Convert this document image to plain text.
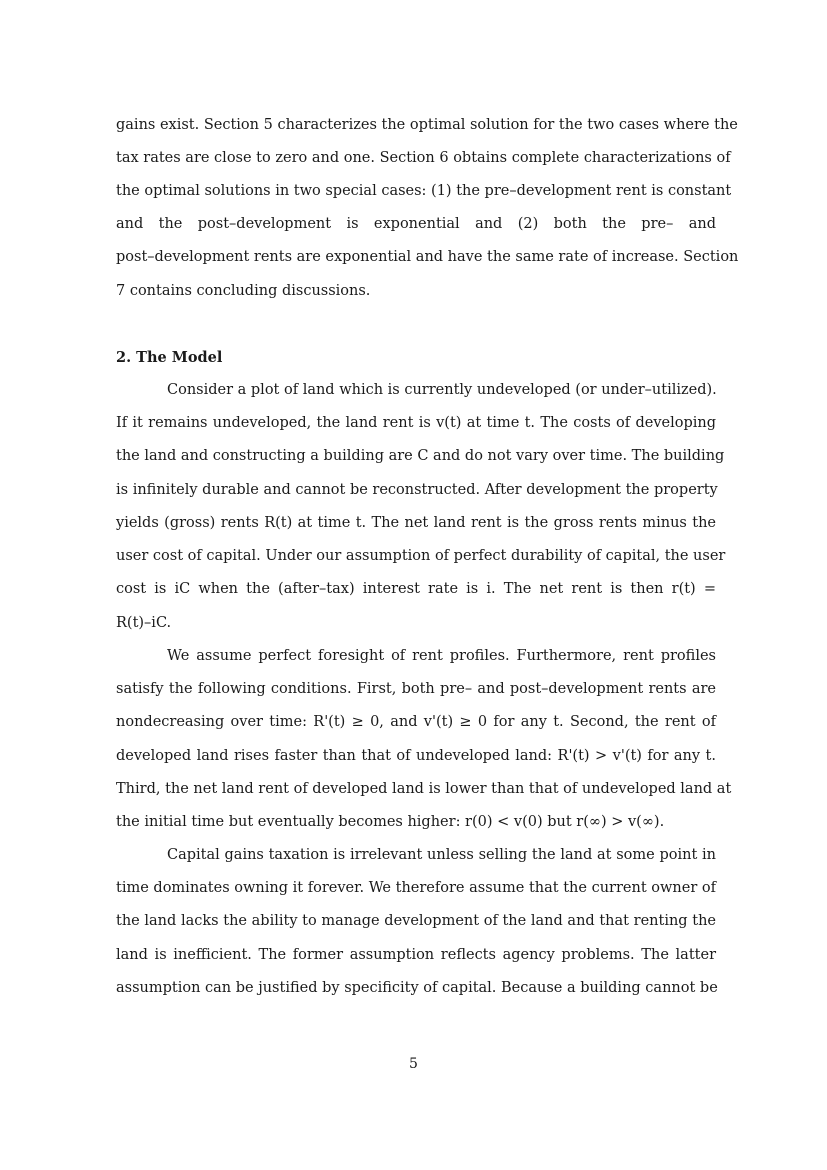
gains exist. Section 5 characterizes the optimal solution for the two cases where the
tax rates are close to zero and one. Section 6 obtains complete characterizations of
the optimal solutions in two special cases: (1) the pre–development rent is constant
and the post–development is exponential and (2) both the pre– and
post–development rents are exponential and have the same rate of increase. Section
7 contains concluding discussions.
2. The Model
Consider a plot of land which is currently undeveloped (or under–utilized).
If it remains undeveloped, the land rent is v(t) at time t. The costs of developing
the land and constructing a building are C and do not vary over time. The building
is infinitely durable and cannot be reconstructed. After development the property
yields (gross) rents R(t) at time t. The net land rent is the gross rents minus the
user cost of capital. Under our assumption of perfect durability of capital, the user
cost is iC when the (after–tax) interest rate is i. The net rent is then r(t) =
R(t)–iC.
We assume perfect foresight of rent profiles. Furthermore, rent profiles
satisfy the following conditions. First, both pre– and post–development rents are
nondecreasing over time: R'(t) ≥ 0, and v'(t) ≥ 0 for any t. Second, the rent of
developed land rises faster than that of undeveloped land: R'(t) > v'(t) for any t.
Third, the net land rent of developed land is lower than that of undeveloped land at
the initial time but eventually becomes higher: r(0) < v(0) but r(∞) > v(∞).
Capital gains taxation is irrelevant unless selling the land at some point in
time dominates owning it forever. We therefore assume that the current owner of
the land lacks the ability to manage development of the land and that renting the
land is inefficient. The former assumption reflects agency problems. The latter
assumption can be justified by specificity of capital. Because a building cannot be
5
